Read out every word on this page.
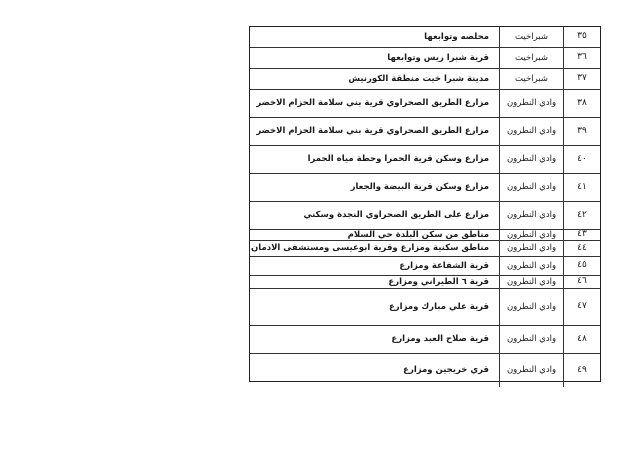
٣٥
شبراخيت
محلصه وتوابعها
٣٦
شبراخيت
قرية شبرا ريس وتوابعها
٣٧
شبراخيت
مدينة شبرا خيت منطقة الكورنيش
٣٨
وادي النطرون
مزارع الطريق الصحراوي قرية بني سلامة الحزام الاخضر
٣٩
وادي النطرون
مزارع الطريق الصحراوي قرية بني سلامة الحزام الاخضر
٤٠
وادي النطرون
مزارع وسكن قرية الحمرا وحطة مياه الحمرا
٤١
وادي النطرون
مزارع وسكن قرية البيضة والجعار
٤٢
وادي النطرون
مزارع على الطريق الصحراوي النجدة وسكني
٤٣
وادي النطرون
مناطق من سكن البلدة حي السلام
٤٤
وادي النطرون
مناطق سكنية ومزارع وقرية ابوعيسى ومستشفى الادمان
٤٥
وادي النطرون
قرية الشفاعة ومزارع
٤٦
وادي النطرون
قرية ٦ الطيراني ومزارع
٤٧
وادي النطرون
قرية علي مبارك ومزارع
٤٨
وادي النطرون
قرية صلاح العبد ومزارع
٤٩
وادي النطرون
قري خريجين ومزارع
